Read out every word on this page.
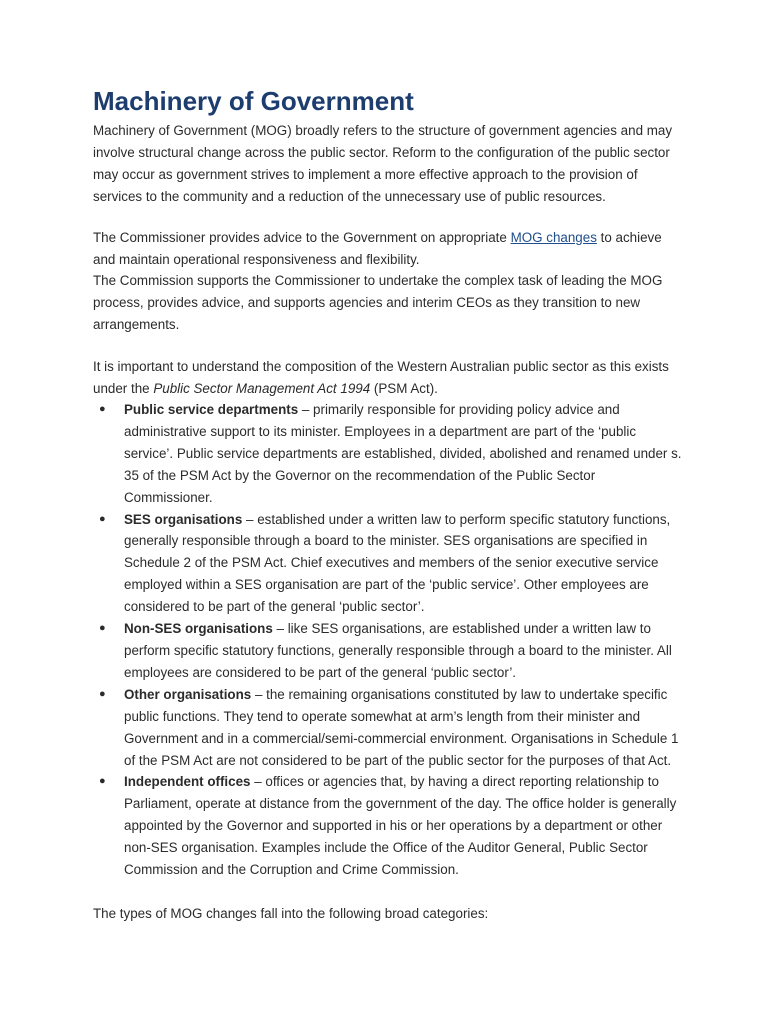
Machinery of Government

Machinery of Government (MOG) broadly refers to the structure of government agencies and may involve structural change across the public sector. Reform to the configuration of the public sector may occur as government strives to implement a more effective approach to the provision of services to the community and a reduction of the unnecessary use of public resources.

The Commissioner provides advice to the Government on appropriate MOG changes to achieve and maintain operational responsiveness and flexibility.

The Commission supports the Commissioner to undertake the complex task of leading the MOG process, provides advice, and supports agencies and interim CEOs as they transition to new arrangements.

It is important to understand the composition of the Western Australian public sector as this exists under the Public Sector Management Act 1994 (PSM Act).

● Public service departments – primarily responsible for providing policy advice and administrative support to its minister. Employees in a department are part of the ‘public service’. Public service departments are established, divided, abolished and renamed under s. 35 of the PSM Act by the Governor on the recommendation of the Public Sector Commissioner.
● SES organisations – established under a written law to perform specific statutory functions, generally responsible through a board to the minister. SES organisations are specified in Schedule 2 of the PSM Act. Chief executives and members of the senior executive service employed within a SES organisation are part of the ‘public service’. Other employees are considered to be part of the general ‘public sector’.
● Non-SES organisations – like SES organisations, are established under a written law to perform specific statutory functions, generally responsible through a board to the minister. All employees are considered to be part of the general ‘public sector’.
● Other organisations – the remaining organisations constituted by law to undertake specific public functions. They tend to operate somewhat at arm’s length from their minister and Government and in a commercial/semi-commercial environment. Organisations in Schedule 1 of the PSM Act are not considered to be part of the public sector for the purposes of that Act.
● Independent offices – offices or agencies that, by having a direct reporting relationship to Parliament, operate at distance from the government of the day. The office holder is generally appointed by the Governor and supported in his or her operations by a department or other non-SES organisation. Examples include the Office of the Auditor General, Public Sector Commission and the Corruption and Crime Commission.

The types of MOG changes fall into the following broad categories:
